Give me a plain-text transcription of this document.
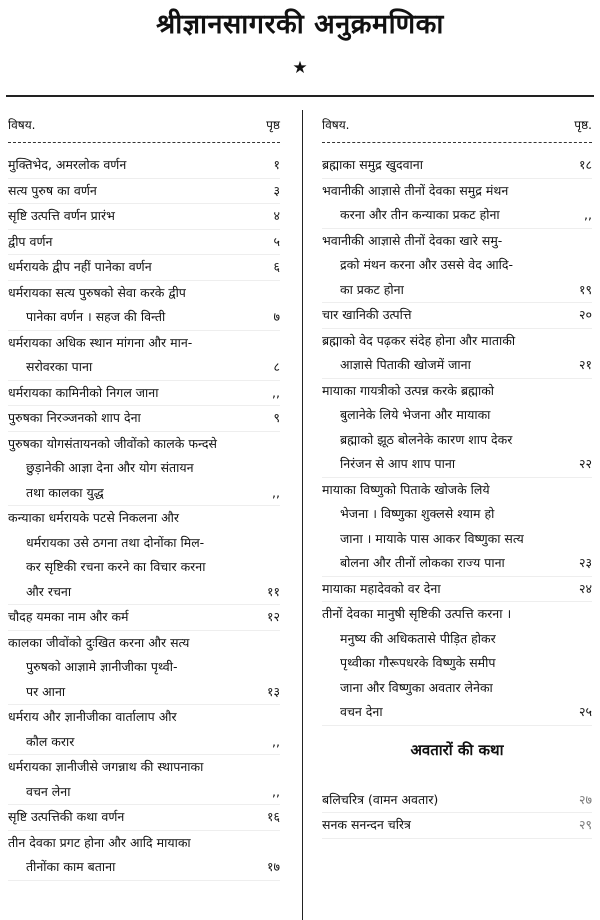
श्रीज्ञानसागरकी अनुक्रमणिका
★
विषय.	पृष्ठ
मुक्तिभेद, अमरलोक वर्णन	१
सत्य पुरुष का वर्णन	३
सृष्टि उत्पत्ति वर्णन प्रारंभ	४
द्वीप वर्णन	५
धर्मरायके द्वीप नहीं पानेका वर्णन	६
धर्मरायका सत्य पुरुषको सेवा करके द्वीप
पानेका वर्णन । सहज की विन्ती	७
धर्मरायका अधिक स्थान मांगना और मान-
सरोवरका पाना	८
धर्मरायका कामिनीको निगल जाना	,,
पुरुषका निरञ्जनको शाप देना	९
पुरुषका योगसंतायनको जीवोंको कालके फन्दसे
छुड़ानेकी आज्ञा देना और योग संतायन
तथा कालका युद्ध	,,
कन्याका धर्मरायके पटसे निकलना और
धर्मरायका उसे ठगना तथा दोनोंका मिल-
कर सृष्टिकी रचना करने का विचार करना
और रचना	११
चौदह यमका नाम और कर्म	१२
कालका जीवोंको दुःखित करना और सत्य
पुरुषको आज्ञामे ज्ञानीजीका पृथ्वी-
पर आना	१३
धर्मराय और ज्ञानीजीका वार्तालाप और
कौल करार	,,
धर्मरायका ज्ञानीजीसे जगन्नाथ की स्थापनाका
वचन लेना	,,
सृष्टि उत्पत्तिकी कथा वर्णन	१६
तीन देवका प्रगट होना और आदि मायाका
तीनोंका काम बताना	१७
विषय.	पृष्ठ.
ब्रह्माका समुद्र खुदवाना	१८
भवानीकी आज्ञासे तीनों देवका समुद्र मंथन
करना और तीन कन्याका प्रकट होना	,,
भवानीकी आज्ञासे तीनों देवका खारे समु-
द्रको मंथन करना और उससे वेद आदि-
का प्रकट होना	१९
चार खानिकी उत्पत्ति	२०
ब्रह्माको वेद पढ़कर संदेह होना और माताकी
आज्ञासे पिताकी खोजमें जाना	२१
मायाका गायत्रीको उत्पन्न करके ब्रह्माको
बुलानेके लिये भेजना और मायाका
ब्रह्माको झूठ बोलनेके कारण शाप देकर
निरंजन से आप शाप पाना	२२
मायाका विष्णुको पिताके खोजके लिये
भेजना । विष्णुका शुक्लसे श्याम हो
जाना । मायाके पास आकर विष्णुका सत्य
बोलना और तीनों लोकका राज्य पाना	२३
मायाका महादेवको वर देना	२४
तीनों देवका मानुषी सृष्टिकी उत्पत्ति करना ।
मनुष्य की अधिकतासे पीड़ित होकर
पृथ्वीका गौरूपधरके विष्णुके समीप
जाना और विष्णुका अवतार लेनेका
वचन देना	२५
अवतारों की कथा
बलिचरित्र (वामन अवतार)	२७
सनक सनन्दन चरित्र	२९
